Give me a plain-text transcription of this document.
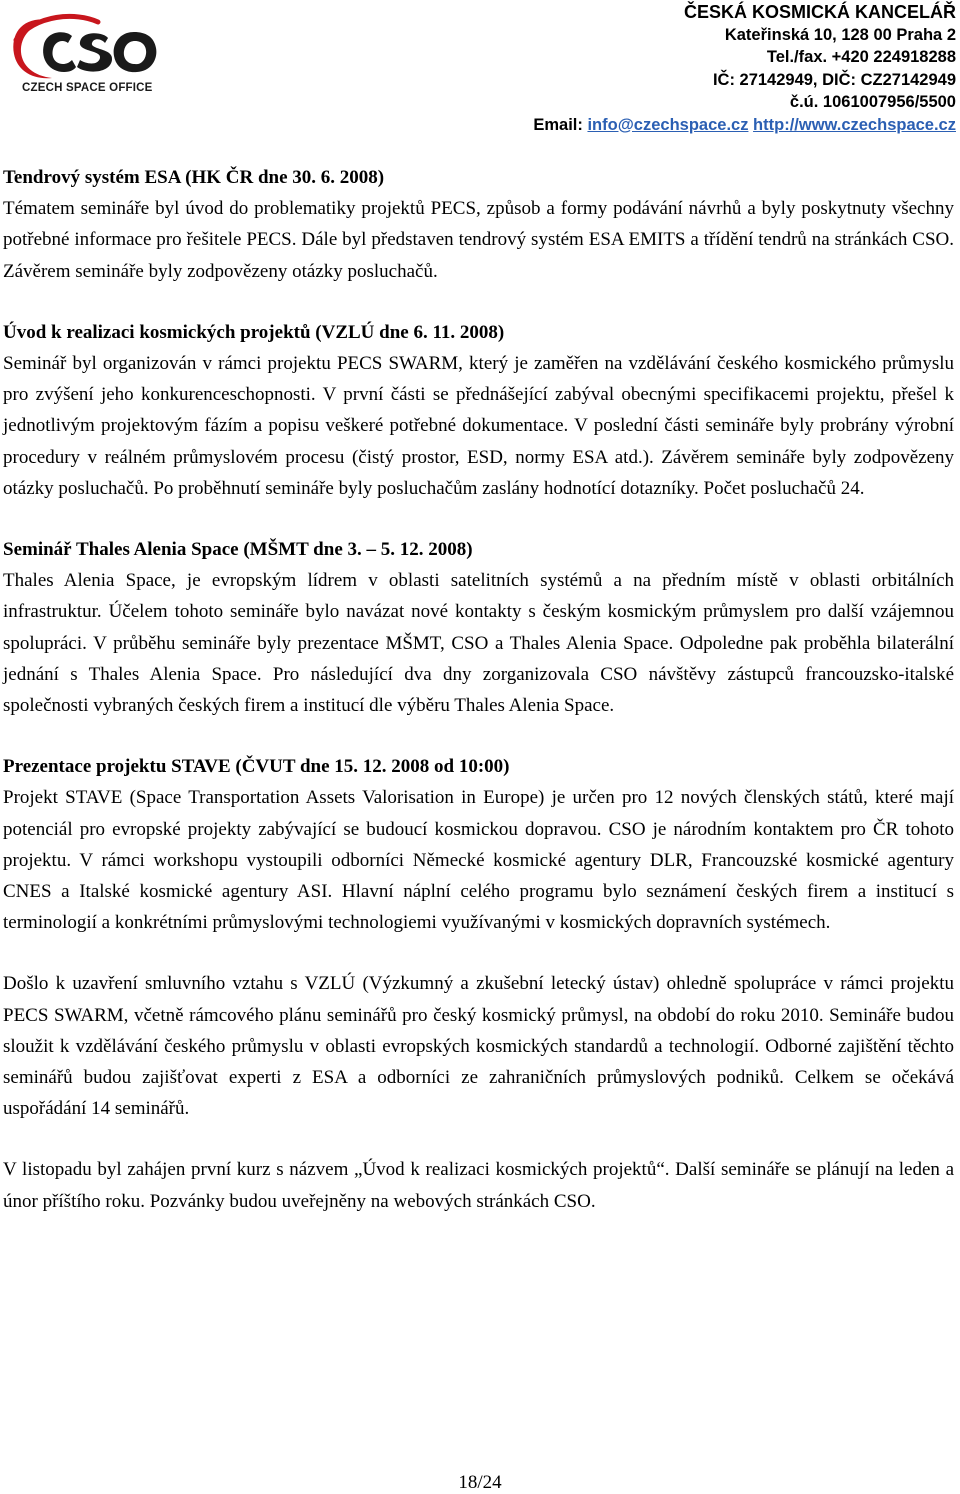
CZECH SPACE OFFICE
ČESKÁ KOSMICKÁ KANCELÁŘ
Kateřinská 10, 128 00 Praha 2
Tel./fax. +420 224918288
IČ: 27142949, DIČ: CZ27142949
č.ú. 1061007956/5500
Email: info@czechspace.cz http://www.czechspace.cz
Tendrový systém ESA (HK ČR dne 30. 6. 2008)

Tématem semináře byl úvod do problematiky projektů PECS, způsob a formy podávání návrhů a byly poskytnuty všechny potřebné informace pro řešitele PECS. Dále byl představen tendrový systém ESA EMITS a třídění tendrů na stránkách CSO. Závěrem semináře byly zodpovězeny otázky posluchačů.

Úvod k realizaci kosmických projektů (VZLÚ dne 6. 11. 2008)

Seminář byl organizován v rámci projektu PECS SWARM, který je zaměřen na vzdělávání českého kosmického průmyslu pro zvýšení jeho konkurenceschopnosti. V první části se přednášející zabýval obecnými specifikacemi projektu, přešel k jednotlivým projektovým fázím a popisu veškeré potřebné dokumentace. V poslední části semináře byly probrány výrobní procedury v reálném průmyslovém procesu (čistý prostor, ESD, normy ESA atd.). Závěrem semináře byly zodpovězeny otázky posluchačů. Po proběhnutí semináře byly posluchačům zaslány hodnotící dotazníky. Počet posluchačů 24.

Seminář Thales Alenia Space (MŠMT dne 3. – 5. 12. 2008)

Thales Alenia Space, je evropským lídrem v oblasti satelitních systémů a na předním místě v oblasti orbitálních infrastruktur. Účelem tohoto semináře bylo navázat nové kontakty s českým kosmickým průmyslem pro další vzájemnou spolupráci. V průběhu semináře byly prezentace MŠMT, CSO a Thales Alenia Space. Odpoledne pak proběhla bilaterální jednání s Thales Alenia Space. Pro následující dva dny zorganizovala CSO návštěvy zástupců francouzsko-italské společnosti vybraných českých firem a institucí dle výběru Thales Alenia Space.

Prezentace projektu STAVE (ČVUT dne 15. 12. 2008 od 10:00)

Projekt STAVE (Space Transportation Assets Valorisation in Europe) je určen pro 12 nových členských států, které mají potenciál pro evropské projekty zabývající se budoucí kosmickou dopravou. CSO je národním kontaktem pro ČR tohoto projektu. V rámci workshopu vystoupili odborníci Německé kosmické agentury DLR, Francouzské kosmické agentury CNES a Italské kosmické agentury ASI. Hlavní náplní celého programu bylo seznámení českých firem a institucí s terminologií a konkrétními průmyslovými technologiemi využívanými v kosmických dopravních systémech.

Došlo k uzavření smluvního vztahu s VZLÚ (Výzkumný a zkušební letecký ústav) ohledně spolupráce v rámci projektu PECS SWARM, včetně rámcového plánu seminářů pro český kosmický průmysl, na období do roku 2010. Semináře budou sloužit k vzdělávání českého průmyslu v oblasti evropských kosmických standardů a technologií. Odborné zajištění těchto seminářů budou zajišťovat experti z ESA a odborníci ze zahraničních průmyslových podniků. Celkem se očekává uspořádání 14 seminářů.

V listopadu byl zahájen první kurz s názvem „Úvod k realizaci kosmických projektů“. Další semináře se plánují na leden a únor příštího roku. Pozvánky budou uveřejněny na webových stránkách CSO.

18/24
